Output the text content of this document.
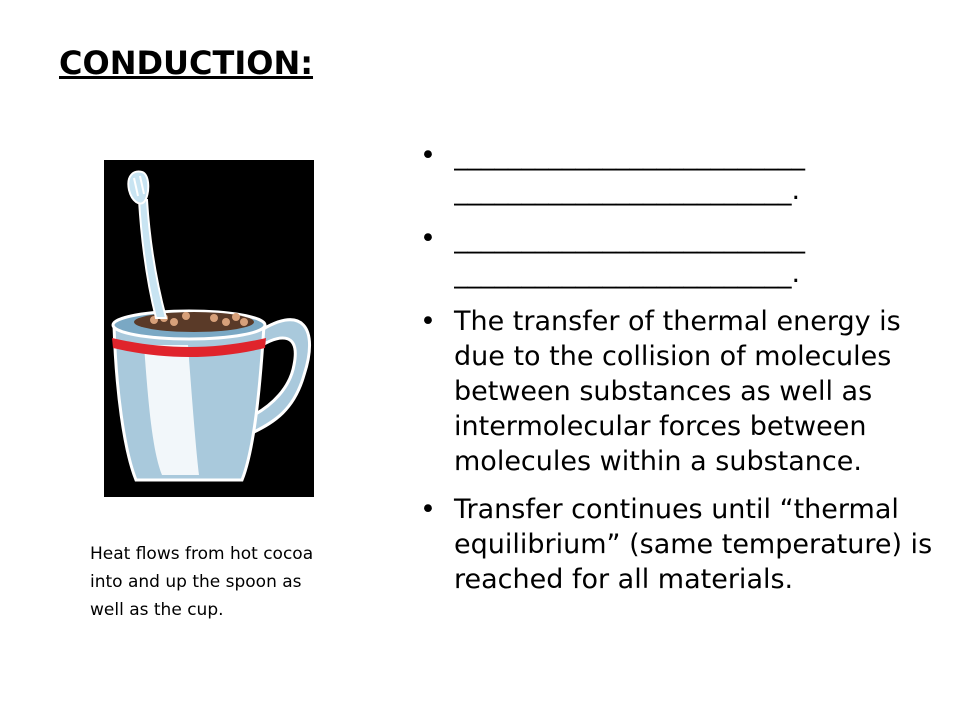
CONDUCTION:
Heat flows from hot cocoa into and up the spoon as well as the cup.
• __________________________
_________________________.
• __________________________
_________________________.
• The transfer of thermal energy is due to the collision of molecules between substances as well as intermolecular forces between molecules within a substance.
• Transfer continues until “thermal equilibrium” (same temperature) is reached for all materials.
